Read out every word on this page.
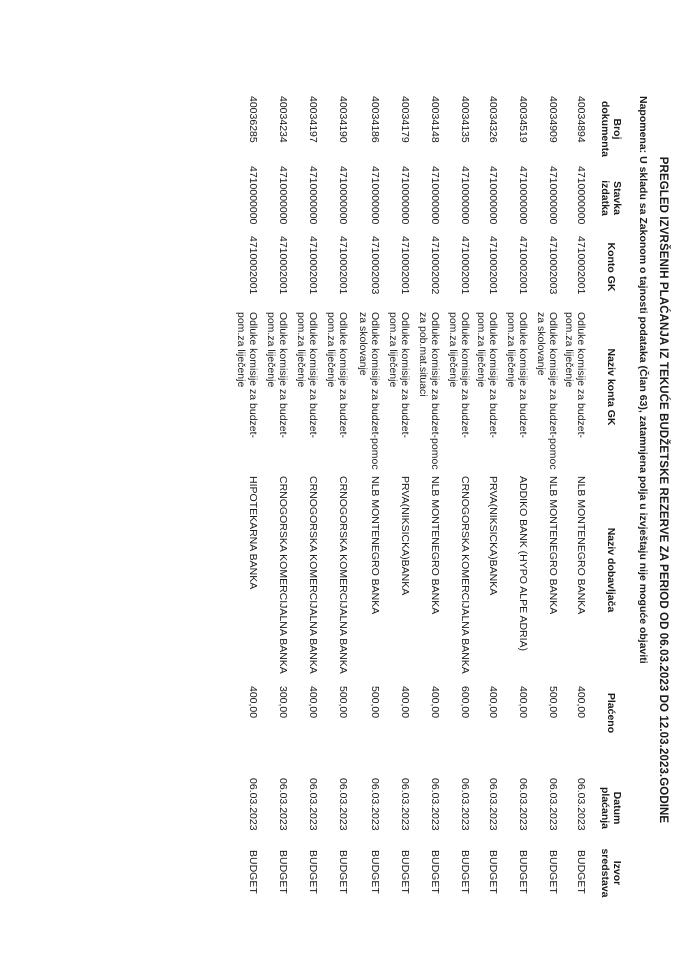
PREGLED IZVRŠENIH PLAĆANJA IZ TEKUĆE BUDŽETSKE REZERVE ZA PERIOD OD 06.03.2023 DO 12.03.2023.GODINE
Napomena: U skladu sa Zakonom o tajnosti podataka (Član 63), zatamnjena polja u izvještaju nije moguće objaviti
Broj dokumenta
Stavka izdatka
Konto GK
Naziv konta GK
Naziv dobavljača
Plaćeno
Datum plaćanja
Izvor sredstava
40034894
4710000000
4710002001
Odluke komisije za budzet-pom.za liječenje
NLB MONTENEGRO BANKA
400,00
06.03.2023
BUDGET
40034909
4710000000
4710002003
Odluke komisije za budzet-pomoc za skolovanje
NLB MONTENEGRO BANKA
500,00
06.03.2023
BUDGET
40034519
4710000000
4710002001
Odluke komisije za budzet-pom.za liječenje
ADDIKO BANK (HYPO ALPE ADRIA)
400,00
06.03.2023
BUDGET
40034326
4710000000
4710002001
Odluke komisije za budzet-pom.za liječenje
PRVA(NIKSICKA)BANKA
400,00
06.03.2023
BUDGET
40034135
4710000000
4710002001
Odluke komisije za budzet-pom.za liječenje
CRNOGORSKA KOMERCIJALNA BANKA
600,00
06.03.2023
BUDGET
40034148
4710000000
4710002002
Odluke komisije za budzet-pomoc za pob.mat.situaci
NLB MONTENEGRO BANKA
400,00
06.03.2023
BUDGET
40034179
4710000000
4710002001
Odluke komisije za budzet-pom.za liječenje
PRVA(NIKSICKA)BANKA
400,00
06.03.2023
BUDGET
40034186
4710000000
4710002003
Odluke komisije za budzet-pomoc za skolovanje
NLB MONTENEGRO BANKA
500,00
06.03.2023
BUDGET
40034190
4710000000
4710002001
Odluke komisije za budzet-pom.za liječenje
CRNOGORSKA KOMERCIJALNA BANKA
500,00
06.03.2023
BUDGET
40034197
4710000000
4710002001
Odluke komisije za budzet-pom.za liječenje
CRNOGORSKA KOMERCIJALNA BANKA
400,00
06.03.2023
BUDGET
40034234
4710000000
4710002001
Odluke komisije za budzet-pom.za liječenje
CRNOGORSKA KOMERCIJALNA BANKA
300,00
06.03.2023
BUDGET
40036285
4710000000
4710002001
Odluke komisije za budzet-pom.za liječenje
HIPOTEKARNA BANKA
400,00
06.03.2023
BUDGET
